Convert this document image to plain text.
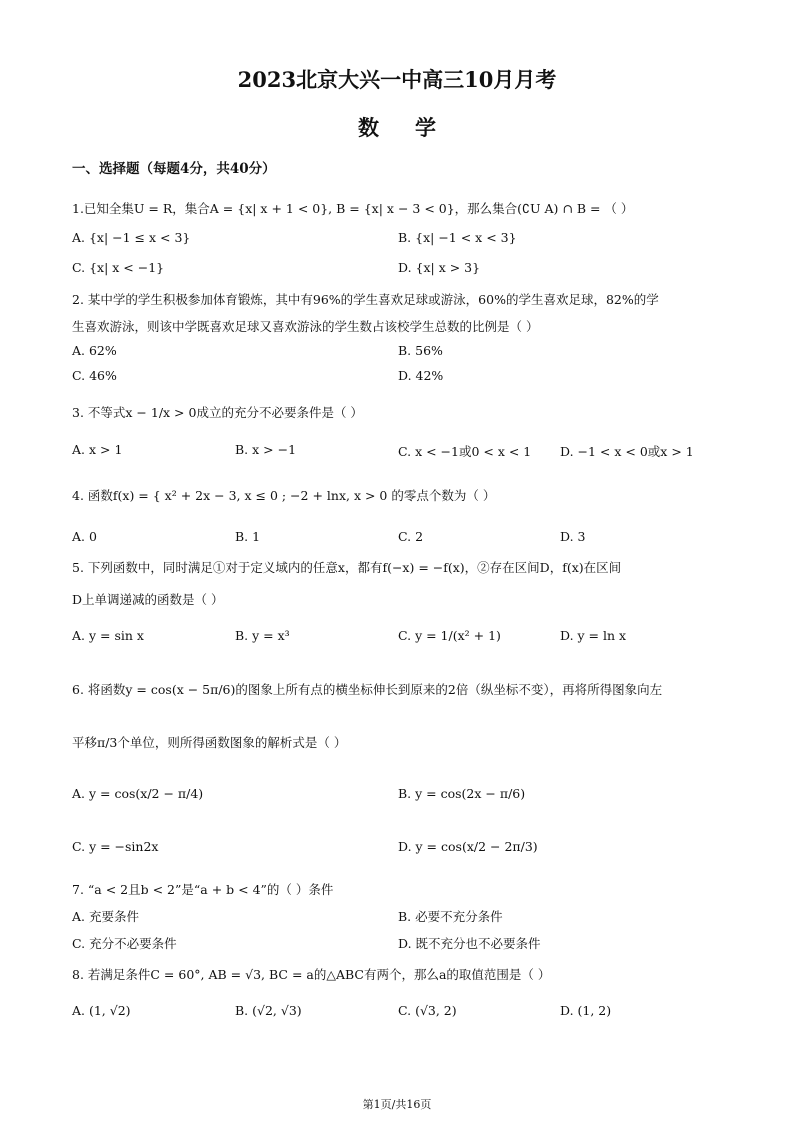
2023北京大兴一中高三10月月考
数学
一、选择题（每题4分，共40分）
1.已知全集U = R，集合A = {x| x + 1 < 0}, B = {x| x − 3 < 0}，那么集合(∁U A) ∩ B = （ ）
A. {x| −1 ≤ x < 3}	B. {x| −1 < x < 3}
C. {x| x < −1}	D. {x| x > 3}
2. 某中学的学生积极参加体育锻炼，其中有96%的学生喜欢足球或游泳，60%的学生喜欢足球，82%的学
生喜欢游泳，则该中学既喜欢足球又喜欢游泳的学生数占该校学生总数的比例是（ ）
A. 62%	B. 56%
C. 46%	D. 42%
3. 不等式x − 1/x > 0成立的充分不必要条件是（ ）
A. x > 1	B. x > −1	C. x < −1或0 < x < 1 D. −1 < x < 0或x > 1
4. 函数f(x) = { x² + 2x − 3, x ≤ 0 ; −2 + lnx, x > 0 的零点个数为（ ）
A. 0	B. 1	C. 2	D. 3
5. 下列函数中，同时满足①对于定义域内的任意x，都有f(−x) = −f(x)，②存在区间D，f(x)在区间
D上单调递减的函数是（ ）
A. y = sin x	B. y = x³	C. y = 1/(x² + 1)	D. y = ln x
6. 将函数y = cos(x − 5π/6)的图象上所有点的横坐标伸长到原来的2倍（纵坐标不变），再将所得图象向左
平移π/3个单位，则所得函数图象的解析式是（ ）
A. y = cos(x/2 − π/4)	B. y = cos(2x − π/6)
C. y = −sin2x	D. y = cos(x/2 − 2π/3)
7. “a < 2且b < 2”是“a + b < 4”的（ ）条件
A. 充要条件	B. 必要不充分条件
C. 充分不必要条件	D. 既不充分也不必要条件
8. 若满足条件C = 60°, AB = √3, BC = a的△ABC有两个，那么a的取值范围是（ ）
A. (1, √2)	B. (√2, √3)	C. (√3, 2)	D. (1, 2)
第1页/共16页
